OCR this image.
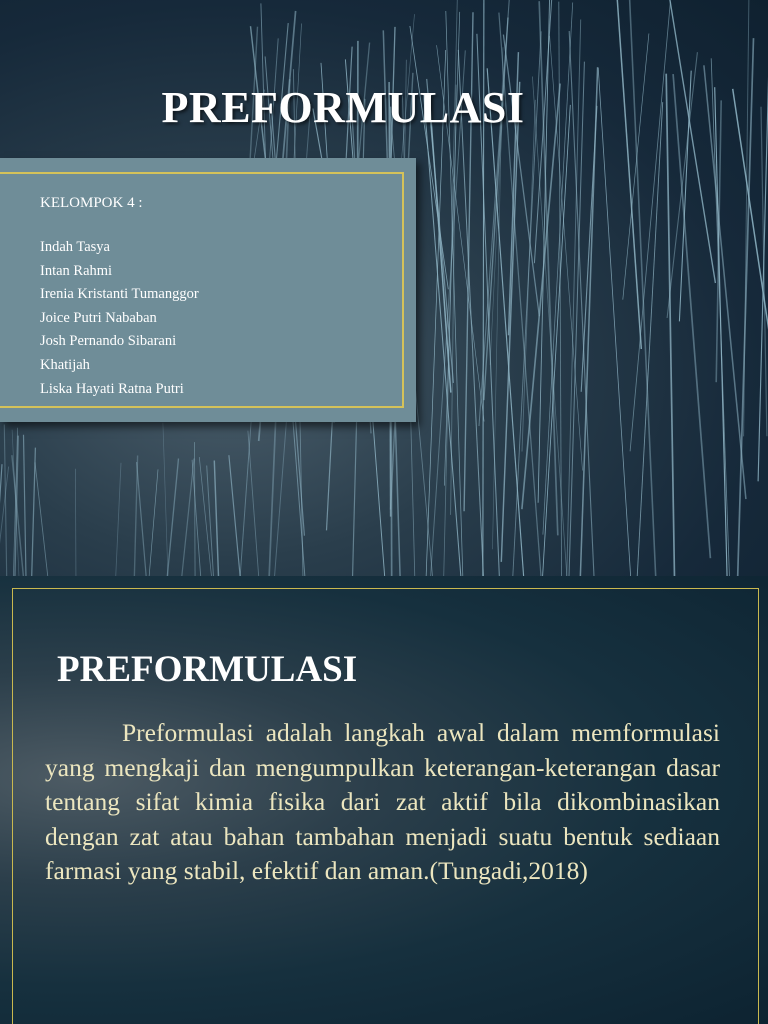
PREFORMULASI
KELOMPOK 4 :
Indah Tasya
Intan Rahmi
Irenia Kristanti Tumanggor
Joice Putri Nababan
Josh Pernando Sibarani
Khatijah
Liska Hayati Ratna Putri
PREFORMULASI
Preformulasi adalah langkah awal dalam memformulasi yang mengkaji dan mengumpulkan keterangan-keterangan dasar tentang sifat kimia fisika dari zat aktif bila dikombinasikan dengan zat atau bahan tambahan menjadi suatu bentuk sediaan farmasi yang stabil, efektif dan aman.(Tungadi,2018)
